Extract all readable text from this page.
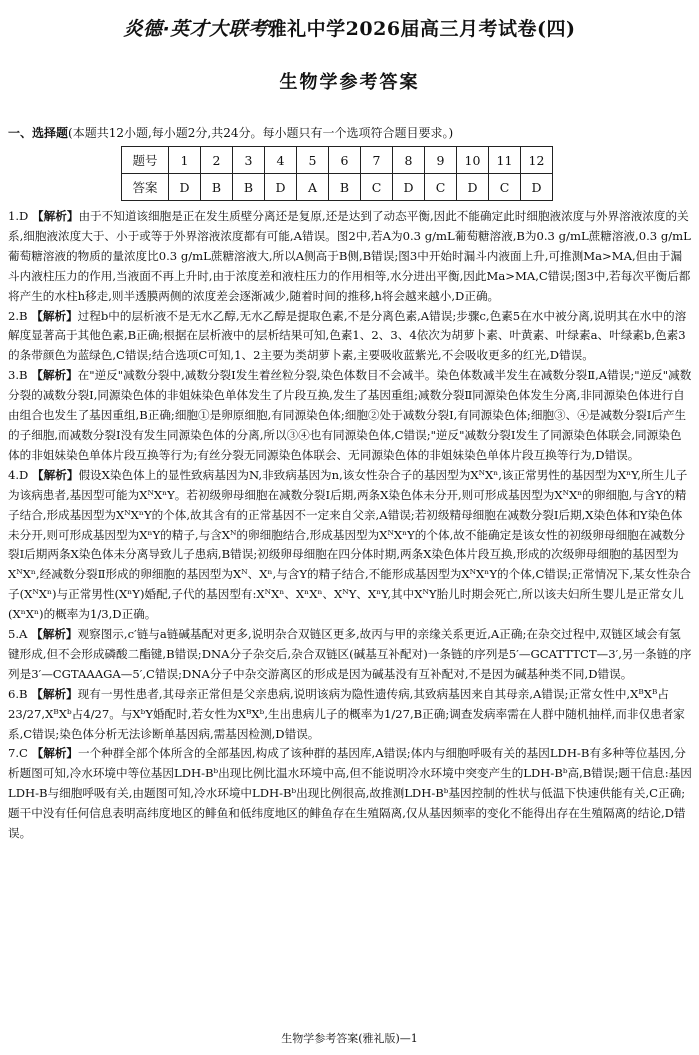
炎德·英才大联考雅礼中学2026届高三月考试卷(四)
生物学参考答案
一、选择题(本题共12小题,每小题2分,共24分。每小题只有一个选项符合题目要求。)
题号	1	2	3	4	5	6	7	8	9	10	11	12
答案	D	B	B	D	A	B	C	D	C	D	C	D

1.D 【解析】由于不知道该细胞是正在发生质壁分离还是复原,还是达到了动态平衡,因此不能确定此时细胞液浓度与外界溶液浓度的关系,细胞液浓度大于、小于或等于外界溶液浓度都有可能,A错误。图2中,若A为0.3 g/mL葡萄糖溶液,B为0.3 g/mL蔗糖溶液,0.3 g/mL葡萄糖溶液的物质的量浓度比0.3 g/mL蔗糖溶液大,所以A侧高于B侧,B错误;图3中开始时漏斗内液面上升,可推测Ma>MA,但由于漏斗内液柱压力的作用,当液面不再上升时,由于浓度差和液柱压力的作用相等,水分进出平衡,因此Ma>MA,C错误;图3中,若每次平衡后都将产生的水柱h移走,则半透膜两侧的浓度差会逐渐减少,随着时间的推移,h将会越来越小,D正确。

2.B 【解析】过程b中的层析液不是无水乙醇,无水乙醇是提取色素,不是分离色素,A错误;步骤c,色素5在水中被分离,说明其在水中的溶解度显著高于其他色素,B正确;根据在层析液中的层析结果可知,色素1、2、3、4依次为胡萝卜素、叶黄素、叶绿素a、叶绿素b,色素3的条带颜色为蓝绿色,C错误;结合选项C可知,1、2主要为类胡萝卜素,主要吸收蓝紫光,不会吸收更多的红光,D错误。

3.B 【解析】在"逆反"减数分裂中,减数分裂Ⅰ发生着丝粒分裂,染色体数目不会减半。染色体数减半发生在减数分裂Ⅱ,A错误;"逆反"减数分裂的减数分裂Ⅰ,同源染色体的非姐妹染色单体发生了片段互换,发生了基因重组;减数分裂Ⅱ同源染色体发生分离,非同源染色体进行自由组合也发生了基因重组,B正确;细胞①是卵原细胞,有同源染色体;细胞②处于减数分裂Ⅰ,有同源染色体;细胞③、④是减数分裂Ⅰ后产生的子细胞,而减数分裂Ⅰ没有发生同源染色体的分离,所以③④也有同源染色体,C错误;"逆反"减数分裂Ⅰ发生了同源染色体联会,同源染色体的非姐妹染色单体片段互换等行为;有丝分裂无同源染色体联会、无同源染色体的非姐妹染色单体片段互换等行为,D错误。

4.D 【解析】假设X染色体上的显性致病基因为N,非致病基因为n,该女性杂合子的基因型为XᴺXⁿ,该正常男性的基因型为XⁿY,所生儿子为该病患者,基因型可能为XᴺXⁿY。若初级卵母细胞在减数分裂Ⅰ后期,两条X染色体未分开,则可形成基因型为XᴺXⁿ的卵细胞,与含Y的精子结合,形成基因型为XᴺXⁿY的个体,故其含有的正常基因不一定来自父亲,A错误;若初级精母细胞在减数分裂Ⅰ后期,X染色体和Y染色体未分开,则可形成基因型为XⁿY的精子,与含Xᴺ的卵细胞结合,形成基因型为XᴺXⁿY的个体,故不能确定是该女性的初级卵母细胞在减数分裂Ⅰ后期两条X染色体未分离导致儿子患病,B错误;初级卵母细胞在四分体时期,两条X染色体片段互换,形成的次级卵母细胞的基因型为XᴺXⁿ,经减数分裂Ⅱ形成的卵细胞的基因型为Xᴺ、Xⁿ,与含Y的精子结合,不能形成基因型为XᴺXⁿY的个体,C错误;正常情况下,某女性杂合子(XᴺXⁿ)与正常男性(XⁿY)婚配,子代的基因型有:XᴺXⁿ、XⁿXⁿ、XᴺY、XⁿY,其中XᴺY胎儿时期会死亡,所以该夫妇所生婴儿是正常女儿(XⁿXⁿ)的概率为1/3,D正确。

5.A 【解析】观察图示,c′链与a链碱基配对更多,说明杂合双链区更多,故丙与甲的亲缘关系更近,A正确;在杂交过程中,双链区域会有氢键形成,但不会形成磷酸二酯键,B错误;DNA分子杂交后,杂合双链区(碱基互补配对)一条链的序列是5′—GCATTTCT—3′,另一条链的序列是3′—CGTAAAGA—5′,C错误;DNA分子中杂交游离区的形成是因为碱基没有互补配对,不是因为碱基种类不同,D错误。

6.B 【解析】现有一男性患者,其母亲正常但是父亲患病,说明该病为隐性遗传病,其致病基因来自其母亲,A错误;正常女性中,XᴮXᴮ占23/27,XᴮXᵇ占4/27。与XᵇY婚配时,若女性为XᴮXᵇ,生出患病儿子的概率为1/27,B正确;调查发病率需在人群中随机抽样,而非仅患者家系,C错误;染色体分析无法诊断单基因病,需基因检测,D错误。

7.C 【解析】一个种群全部个体所含的全部基因,构成了该种群的基因库,A错误;体内与细胞呼吸有关的基因LDH-B有多种等位基因,分析题图可知,冷水环境中等位基因LDH-Bᵇ出现比例比温水环境中高,但不能说明冷水环境中突变产生的LDH-Bᵇ高,B错误;题干信息:基因LDH-B与细胞呼吸有关,由题图可知,冷水环境中LDH-Bᵇ出现比例很高,故推测LDH-Bᵇ基因控制的性状与低温下快速供能有关,C正确;题干中没有任何信息表明高纬度地区的鲱鱼和低纬度地区的鲱鱼存在生殖隔离,仅从基因频率的变化不能得出存在生殖隔离的结论,D错误。

生物学参考答案(雅礼版)—1
